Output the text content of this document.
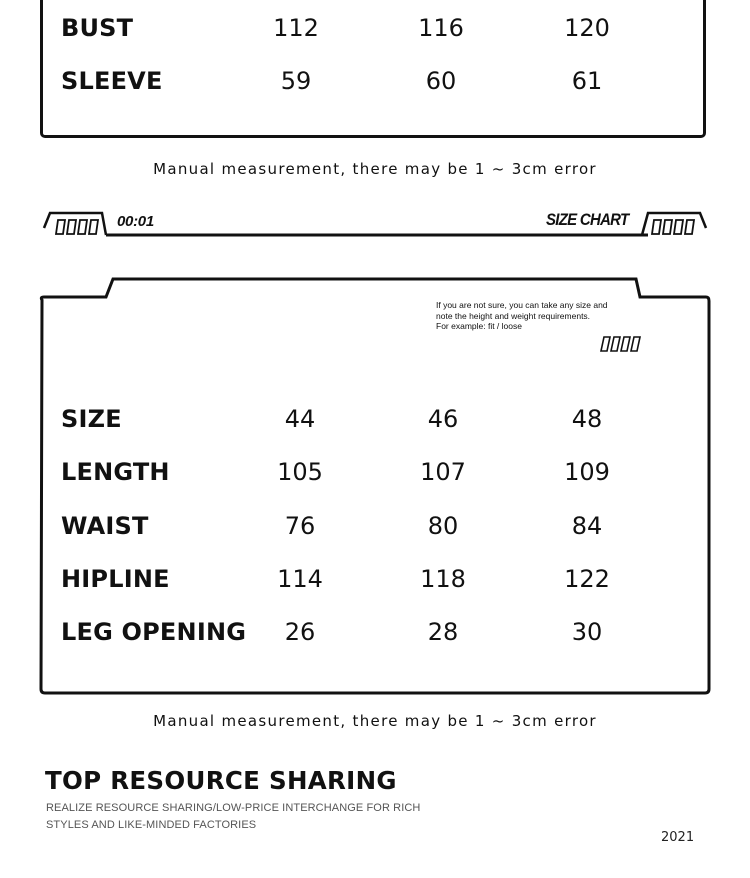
BUST	112	116	120
SLEEVE	59	60	61
Manual measurement, there may be 1 ~ 3cm error
00:01	SIZE CHART
If you are not sure, you can take any size and
note the height and weight requirements.
For example: fit / loose
SIZE	44	46	48
LENGTH	105	107	109
WAIST	76	80	84
HIPLINE	114	118	122
LEG OPENING	26	28	30
Manual measurement, there may be 1 ~ 3cm error
TOP RESOURCE SHARING
REALIZE RESOURCE SHARING/LOW-PRICE INTERCHANGE FOR RICH
STYLES AND LIKE-MINDED FACTORIES
2021
